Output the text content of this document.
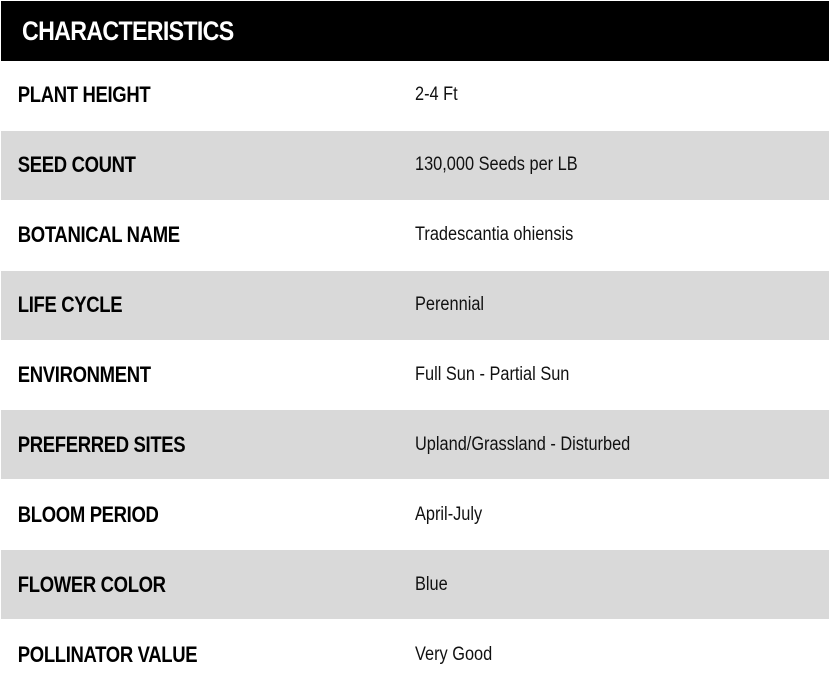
CHARACTERISTICS
PLANT HEIGHT	2-4 Ft
SEED COUNT	130,000 Seeds per LB
BOTANICAL NAME	Tradescantia ohiensis
LIFE CYCLE	Perennial
ENVIRONMENT	Full Sun - Partial Sun
PREFERRED SITES	Upland/Grassland - Disturbed
BLOOM PERIOD	April-July
FLOWER COLOR	Blue
POLLINATOR VALUE	Very Good
